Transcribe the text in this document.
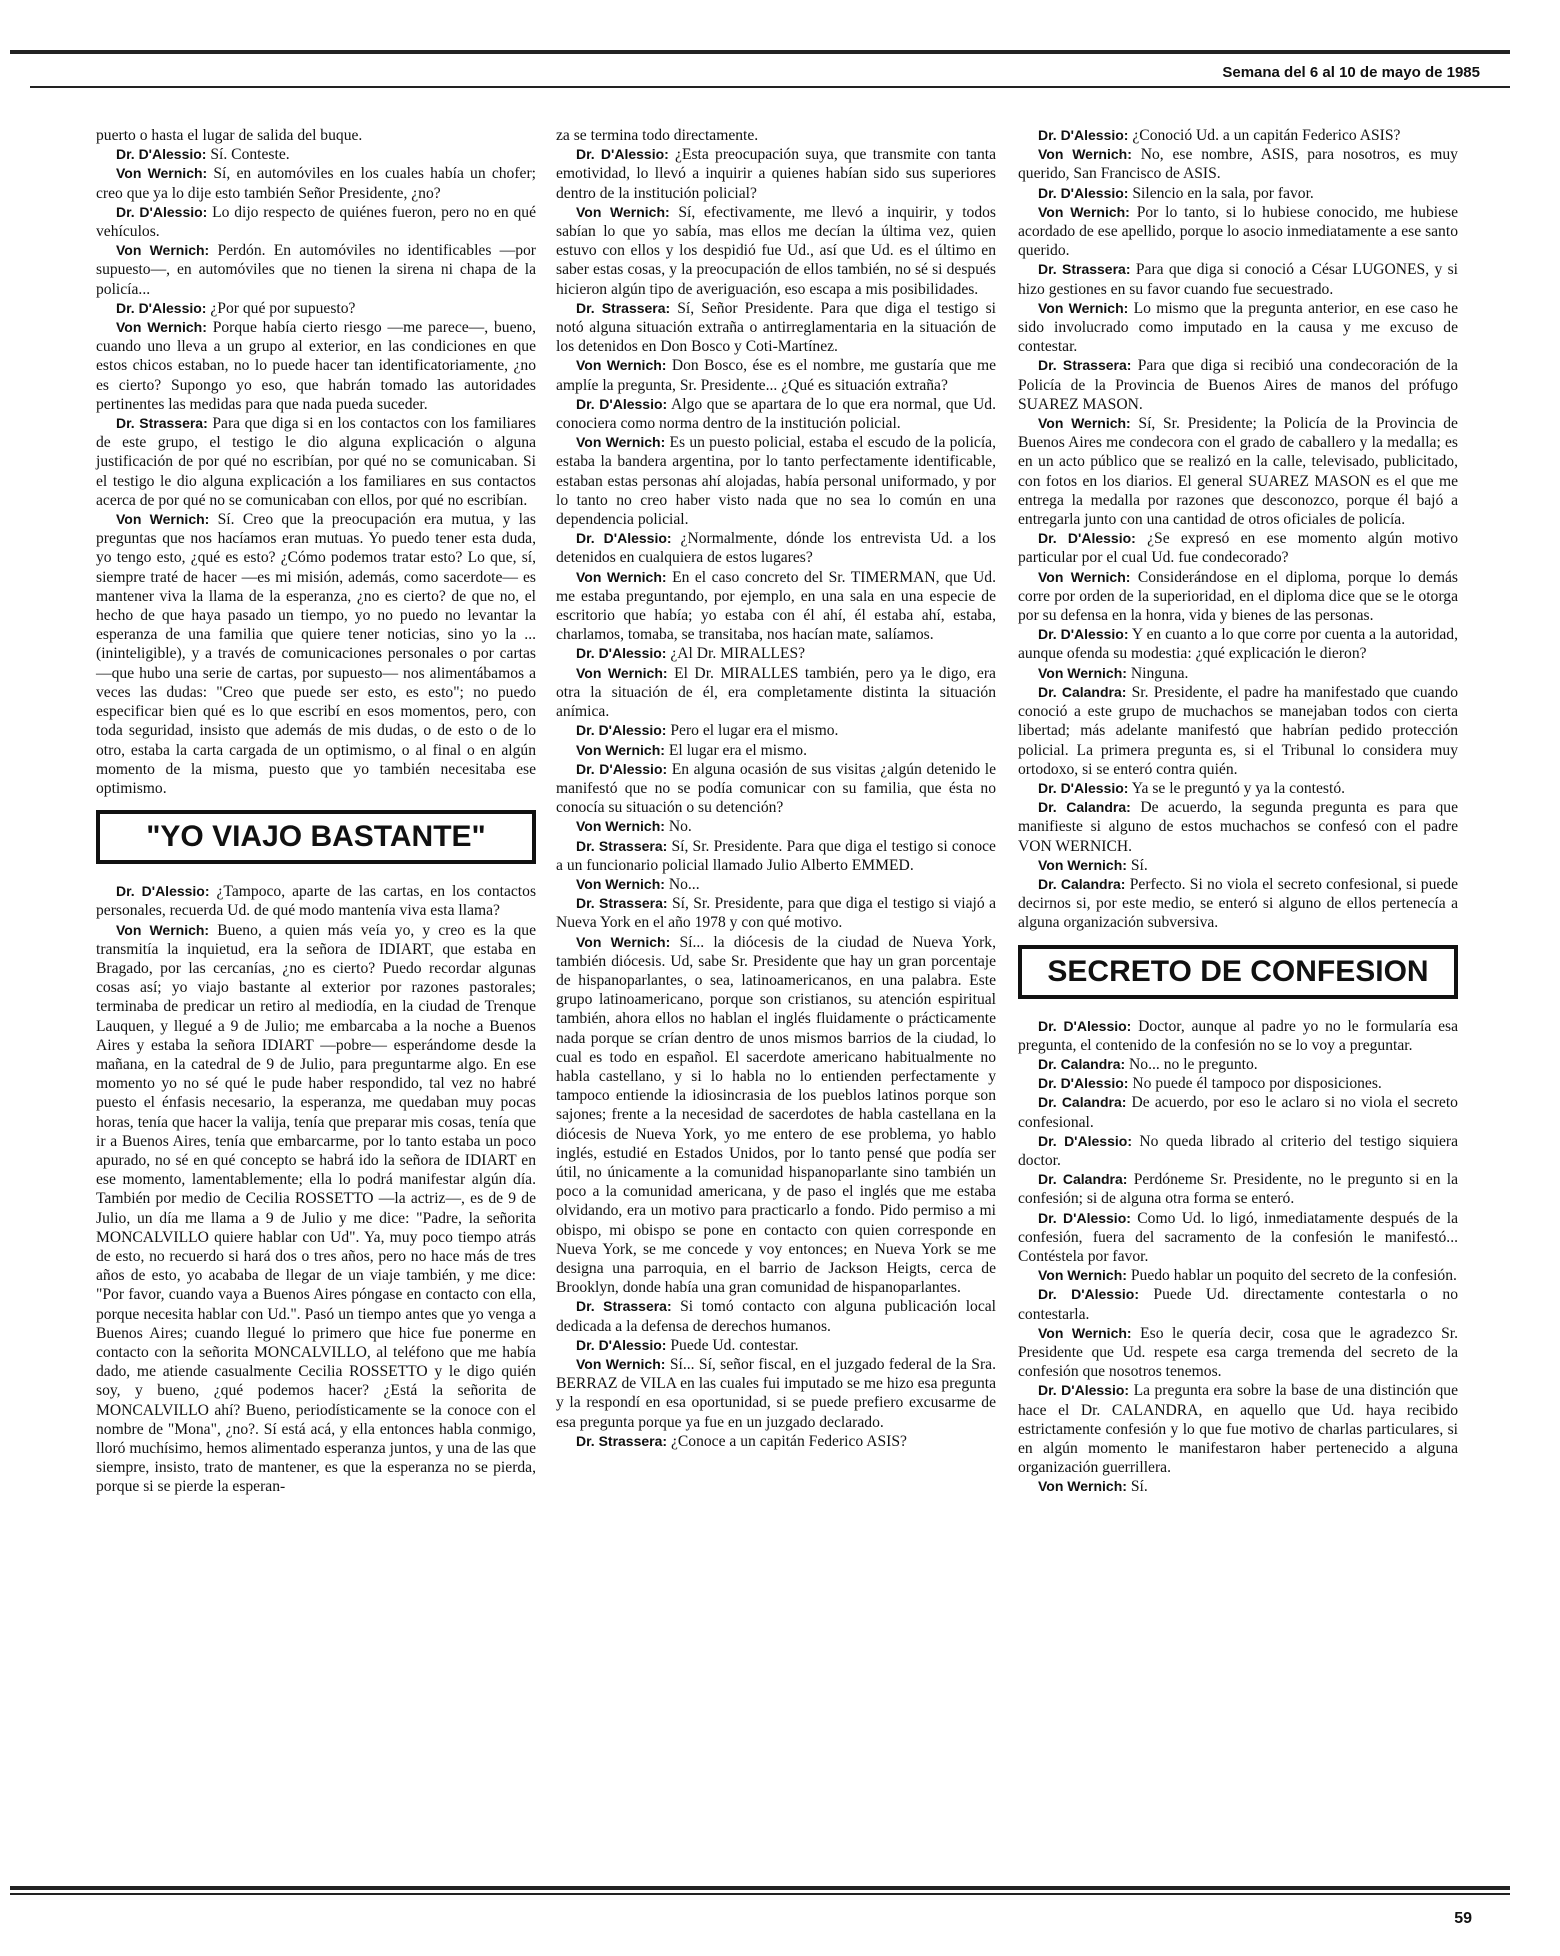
Semana del 6 al 10 de mayo de 1985

puerto o hasta el lugar de salida del buque.

Dr. D'Alessio: Sí. Conteste.

Von Wernich: Sí, en automóviles en los cuales había un chofer; creo que ya lo dije esto también Señor Presidente, ¿no?

Dr. D'Alessio: Lo dijo respecto de quiénes fueron, pero no en qué vehículos.

Von Wernich: Perdón. En automóviles no identificables —por supuesto—, en automóviles que no tienen la sirena ni chapa de la policía...

Dr. D'Alessio: ¿Por qué por supuesto?

Von Wernich: Porque había cierto riesgo —me parece—, bueno, cuando uno lleva a un grupo al exterior, en las condiciones en que estos chicos estaban, no lo puede hacer tan identificatoriamente, ¿no es cierto? Supongo yo eso, que habrán tomado las autoridades pertinentes las medidas para que nada pueda suceder.

Dr. Strassera: Para que diga si en los contactos con los familiares de este grupo, el testigo le dio alguna explicación o alguna justificación de por qué no escribían, por qué no se comunicaban. Si el testigo le dio alguna explicación a los familiares en sus contactos acerca de por qué no se comunicaban con ellos, por qué no escribían.

Von Wernich: Sí. Creo que la preocupación era mutua, y las preguntas que nos hacíamos eran mutuas. Yo puedo tener esta duda, yo tengo esto, ¿qué es esto? ¿Cómo podemos tratar esto? Lo que, sí, siempre traté de hacer —es mi misión, además, como sacerdote— es mantener viva la llama de la esperanza, ¿no es cierto? de que no, el hecho de que haya pasado un tiempo, yo no puedo no levantar la esperanza de una familia que quiere tener noticias, sino yo la ...(ininteligible), y a través de comunicaciones personales o por cartas —que hubo una serie de cartas, por supuesto— nos alimentábamos a veces las dudas: "Creo que puede ser esto, es esto"; no puedo especificar bien qué es lo que escribí en esos momentos, pero, con toda seguridad, insisto que además de mis dudas, o de esto o de lo otro, estaba la carta cargada de un optimismo, o al final o en algún momento de la misma, puesto que yo también necesitaba ese optimismo.

"YO VIAJO BASTANTE"

Dr. D'Alessio: ¿Tampoco, aparte de las cartas, en los contactos personales, recuerda Ud. de qué modo mantenía viva esta llama?

Von Wernich: Bueno, a quien más veía yo, y creo es la que transmitía la inquietud, era la señora de IDIART, que estaba en Bragado, por las cercanías, ¿no es cierto? Puedo recordar algunas cosas así; yo viajo bastante al exterior por razones pastorales; terminaba de predicar un retiro al mediodía, en la ciudad de Trenque Lauquen, y llegué a 9 de Julio; me embarcaba a la noche a Buenos Aires y estaba la señora IDIART —pobre— esperándome desde la mañana, en la catedral de 9 de Julio, para preguntarme algo. En ese momento yo no sé qué le pude haber respondido, tal vez no habré puesto el énfasis necesario, la esperanza, me quedaban muy pocas horas, tenía que hacer la valija, tenía que preparar mis cosas, tenía que ir a Buenos Aires, tenía que embarcarme, por lo tanto estaba un poco apurado, no sé en qué concepto se habrá ido la señora de IDIART en ese momento, lamentablemente; ella lo podrá manifestar algún día. También por medio de Cecilia ROSSETTO —la actriz—, es de 9 de Julio, un día me llama a 9 de Julio y me dice: "Padre, la señorita MONCALVILLO quiere hablar con Ud". Ya, muy poco tiempo atrás de esto, no recuerdo si hará dos o tres años, pero no hace más de tres años de esto, yo acababa de llegar de un viaje también, y me dice: "Por favor, cuando vaya a Buenos Aires póngase en contacto con ella, porque necesita hablar con Ud.". Pasó un tiempo antes que yo venga a Buenos Aires; cuando llegué lo primero que hice fue ponerme en contacto con la señorita MONCALVILLO, al teléfono que me había dado, me atiende casualmente Cecilia ROSSETTO y le digo quién soy, y bueno, ¿qué podemos hacer? ¿Está la señorita de MONCALVILLO ahí? Bueno, periodísticamente se la conoce con el nombre de "Mona", ¿no?. Sí está acá, y ella entonces habla conmigo, lloró muchísimo, hemos alimentado esperanza juntos, y una de las que siempre, insisto, trato de mantener, es que la esperanza no se pierda, porque si se pierde la esperan-

za se termina todo directamente.

Dr. D'Alessio: ¿Esta preocupación suya, que transmite con tanta emotividad, lo llevó a inquirir a quienes habían sido sus superiores dentro de la institución policial?

Von Wernich: Sí, efectivamente, me llevó a inquirir, y todos sabían lo que yo sabía, mas ellos me decían la última vez, quien estuvo con ellos y los despidió fue Ud., así que Ud. es el último en saber estas cosas, y la preocupación de ellos también, no sé si después hicieron algún tipo de averiguación, eso escapa a mis posibilidades.

Dr. Strassera: Sí, Señor Presidente. Para que diga el testigo si notó alguna situación extraña o antirreglamentaria en la situación de los detenidos en Don Bosco y Coti-Martínez.

Von Wernich: Don Bosco, ése es el nombre, me gustaría que me amplíe la pregunta, Sr. Presidente... ¿Qué es situación extraña?

Dr. D'Alessio: Algo que se apartara de lo que era normal, que Ud. conociera como norma dentro de la institución policial.

Von Wernich: Es un puesto policial, estaba el escudo de la policía, estaba la bandera argentina, por lo tanto perfectamente identificable, estaban estas personas ahí alojadas, había personal uniformado, y por lo tanto no creo haber visto nada que no sea lo común en una dependencia policial.

Dr. D'Alessio: ¿Normalmente, dónde los entrevista Ud. a los detenidos en cualquiera de estos lugares?

Von Wernich: En el caso concreto del Sr. TIMERMAN, que Ud. me estaba preguntando, por ejemplo, en una sala en una especie de escritorio que había; yo estaba con él ahí, él estaba ahí, estaba, charlamos, tomaba, se transitaba, nos hacían mate, salíamos.

Dr. D'Alessio: ¿Al Dr. MIRALLES?

Von Wernich: El Dr. MIRALLES también, pero ya le digo, era otra la situación de él, era completamente distinta la situación anímica.

Dr. D'Alessio: Pero el lugar era el mismo.

Von Wernich: El lugar era el mismo.

Dr. D'Alessio: En alguna ocasión de sus visitas ¿algún detenido le manifestó que no se podía comunicar con su familia, que ésta no conocía su situación o su detención?

Von Wernich: No.

Dr. Strassera: Sí, Sr. Presidente. Para que diga el testigo si conoce a un funcionario policial llamado Julio Alberto EMMED.

Von Wernich: No...

Dr. Strassera: Sí, Sr. Presidente, para que diga el testigo si viajó a Nueva York en el año 1978 y con qué motivo.

Von Wernich: Sí... la diócesis de la ciudad de Nueva York, también diócesis. Ud, sabe Sr. Presidente que hay un gran porcentaje de hispanoparlantes, o sea, latinoamericanos, en una palabra. Este grupo latinoamericano, porque son cristianos, su atención espiritual también, ahora ellos no hablan el inglés fluidamente o prácticamente nada porque se crían dentro de unos mismos barrios de la ciudad, lo cual es todo en español. El sacerdote americano habitualmente no habla castellano, y si lo habla no lo entienden perfectamente y tampoco entiende la idiosincrasia de los pueblos latinos porque son sajones; frente a la necesidad de sacerdotes de habla castellana en la diócesis de Nueva York, yo me entero de ese problema, yo hablo inglés, estudié en Estados Unidos, por lo tanto pensé que podía ser útil, no únicamente a la comunidad hispanoparlante sino también un poco a la comunidad americana, y de paso el inglés que me estaba olvidando, era un motivo para practicarlo a fondo. Pido permiso a mi obispo, mi obispo se pone en contacto con quien corresponde en Nueva York, se me concede y voy entonces; en Nueva York se me designa una parroquia, en el barrio de Jackson Heigts, cerca de Brooklyn, donde había una gran comunidad de hispanoparlantes.

Dr. Strassera: Si tomó contacto con alguna publicación local dedicada a la defensa de derechos humanos.

Dr. D'Alessio: Puede Ud. contestar.

Von Wernich: Sí... Sí, señor fiscal, en el juzgado federal de la Sra. BERRAZ de VILA en las cuales fui imputado se me hizo esa pregunta y la respondí en esa oportunidad, si se puede prefiero excusarme de esa pregunta porque ya fue en un juzgado declarado.

Dr. Strassera: ¿Conoce a un capitán Federico ASIS?

Dr. D'Alessio: ¿Conoció Ud. a un capitán Federico ASIS?

Von Wernich: No, ese nombre, ASIS, para nosotros, es muy querido, San Francisco de ASIS.

Dr. D'Alessio: Silencio en la sala, por favor.

Von Wernich: Por lo tanto, si lo hubiese conocido, me hubiese acordado de ese apellido, porque lo asocio inmediatamente a ese santo querido.

Dr. Strassera: Para que diga si conoció a César LUGONES, y si hizo gestiones en su favor cuando fue secuestrado.

Von Wernich: Lo mismo que la pregunta anterior, en ese caso he sido involucrado como imputado en la causa y me excuso de contestar.

Dr. Strassera: Para que diga si recibió una condecoración de la Policía de la Provincia de Buenos Aires de manos del prófugo SUAREZ MASON.

Von Wernich: Sí, Sr. Presidente; la Policía de la Provincia de Buenos Aires me condecora con el grado de caballero y la medalla; es en un acto público que se realizó en la calle, televisado, publicitado, con fotos en los diarios. El general SUAREZ MASON es el que me entrega la medalla por razones que desconozco, porque él bajó a entregarla junto con una cantidad de otros oficiales de policía.

Dr. D'Alessio: ¿Se expresó en ese momento algún motivo particular por el cual Ud. fue condecorado?

Von Wernich: Considerándose en el diploma, porque lo demás corre por orden de la superioridad, en el diploma dice que se le otorga por su defensa en la honra, vida y bienes de las personas.

Dr. D'Alessio: Y en cuanto a lo que corre por cuenta a la autoridad, aunque ofenda su modestia: ¿qué explicación le dieron?

Von Wernich: Ninguna.

Dr. Calandra: Sr. Presidente, el padre ha manifestado que cuando conoció a este grupo de muchachos se manejaban todos con cierta libertad; más adelante manifestó que habrían pedido protección policial. La primera pregunta es, si el Tribunal lo considera muy ortodoxo, si se enteró contra quién.

Dr. D'Alessio: Ya se le preguntó y ya la contestó.

Dr. Calandra: De acuerdo, la segunda pregunta es para que manifieste si alguno de estos muchachos se confesó con el padre VON WERNICH.

Von Wernich: Sí.

Dr. Calandra: Perfecto. Si no viola el secreto confesional, si puede decirnos si, por este medio, se enteró si alguno de ellos pertenecía a alguna organización subversiva.

SECRETO DE CONFESION

Dr. D'Alessio: Doctor, aunque al padre yo no le formularía esa pregunta, el contenido de la confesión no se lo voy a preguntar.

Dr. Calandra: No... no le pregunto.

Dr. D'Alessio: No puede él tampoco por disposiciones.

Dr. Calandra: De acuerdo, por eso le aclaro si no viola el secreto confesional.

Dr. D'Alessio: No queda librado al criterio del testigo siquiera doctor.

Dr. Calandra: Perdóneme Sr. Presidente, no le pregunto si en la confesión; si de alguna otra forma se enteró.

Dr. D'Alessio: Como Ud. lo ligó, inmediatamente después de la confesión, fuera del sacramento de la confesión le manifestó... Contéstela por favor.

Von Wernich: Puedo hablar un poquito del secreto de la confesión.

Dr. D'Alessio: Puede Ud. directamente contestarla o no contestarla.

Von Wernich: Eso le quería decir, cosa que le agradezco Sr. Presidente que Ud. respete esa carga tremenda del secreto de la confesión que nosotros tenemos.

Dr. D'Alessio: La pregunta era sobre la base de una distinción que hace el Dr. CALANDRA, en aquello que Ud. haya recibido estrictamente confesión y lo que fue motivo de charlas particulares, si en algún momento le manifestaron haber pertenecido a alguna organización guerrillera.

Von Wernich: Sí.

59
